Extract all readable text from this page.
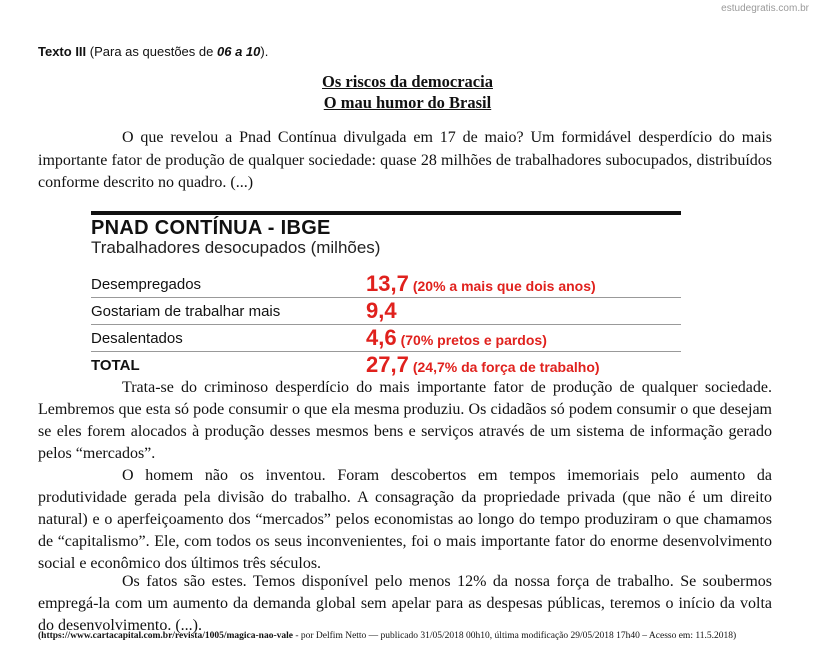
estudegratis.com.br
Texto III (Para as questões de 06 a 10).
Os riscos da democracia
O mau humor do Brasil

O que revelou a Pnad Contínua divulgada em 17 de maio? Um formidável desperdício do mais importante fator de produção de qualquer sociedade: quase 28 milhões de trabalhadores subocupados, distribuídos conforme descrito no quadro. (...)

PNAD CONTÍNUA - IBGE
Trabalhadores desocupados (milhões)
Desempregados	13,7 (20% a mais que dois anos)
Gostariam de trabalhar mais	9,4
Desalentados	4,6 (70% pretos e pardos)
TOTAL	27,7 (24,7% da força de trabalho)

Trata-se do criminoso desperdício do mais importante fator de produção de qualquer sociedade. Lembremos que esta só pode consumir o que ela mesma produziu. Os cidadãos só podem consumir o que desejam se eles forem alocados à produção desses mesmos bens e serviços através de um sistema de informação gerado pelos “mercados”.

O homem não os inventou. Foram descobertos em tempos imemoriais pelo aumento da produtividade gerada pela divisão do trabalho. A consagração da propriedade privada (que não é um direito natural) e o aperfeiçoamento dos “mercados” pelos economistas ao longo do tempo produziram o que chamamos de “capitalismo”. Ele, com todos os seus inconvenientes, foi o mais importante fator do enorme desenvolvimento social e econômico dos últimos três séculos.

Os fatos são estes. Temos disponível pelo menos 12% da nossa força de trabalho. Se soubermos empregá-la com um aumento da demanda global sem apelar para as despesas públicas, teremos o início da volta do desenvolvimento. (...).

(https://www.cartacapital.com.br/revista/1005/magica-nao-vale - por Delfim Netto — publicado 31/05/2018 00h10, última modificação 29/05/2018 17h40 – Acesso em: 11.5.2018)
